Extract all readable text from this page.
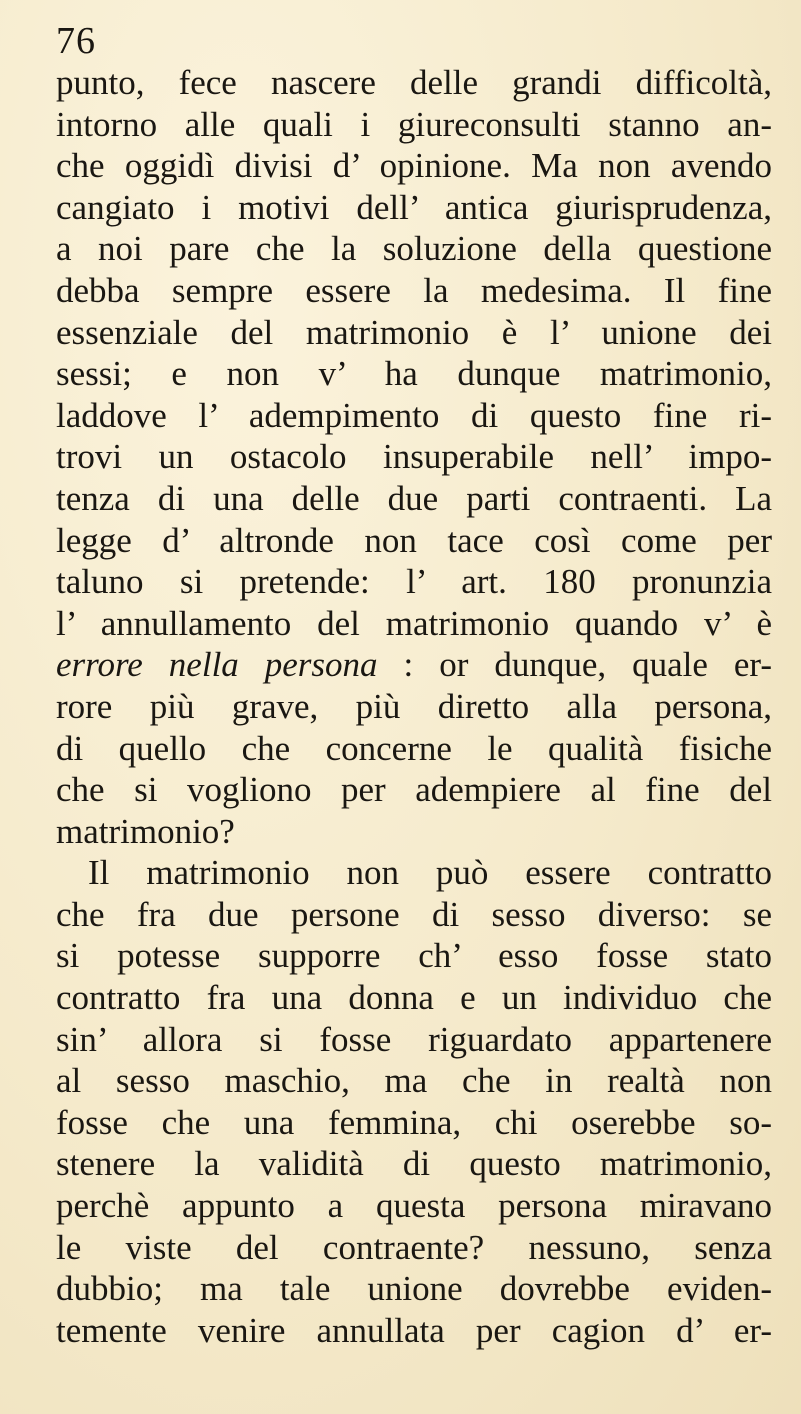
76
punto, fece nascere delle grandi difficoltà,
intorno alle quali i giureconsulti stanno an-
che oggidì divisi d’ opinione. Ma non avendo
cangiato i motivi dell’ antica giurisprudenza,
a noi pare che la soluzione della questione
debba sempre essere la medesima. Il fine
essenziale del matrimonio è l’ unione dei
sessi; e non v’ ha dunque matrimonio,
laddove l’ adempimento di questo fine ri-
trovi un ostacolo insuperabile nell’ impo-
tenza di una delle due parti contraenti. La
legge d’ altronde non tace così come per
taluno si pretende: l’ art. 180 pronunzia
l’ annullamento del matrimonio quando v’ è
errore nella persona : or dunque, quale er-
rore più grave, più diretto alla persona,
di quello che concerne le qualità fisiche
che si vogliono per adempiere al fine del
matrimonio?
Il matrimonio non può essere contratto
che fra due persone di sesso diverso: se
si potesse supporre ch’ esso fosse stato
contratto fra una donna e un individuo che
sin’ allora si fosse riguardato appartenere
al sesso maschio, ma che in realtà non
fosse che una femmina, chi oserebbe so-
stenere la validità di questo matrimonio,
perchè appunto a questa persona miravano
le viste del contraente? nessuno, senza
dubbio; ma tale unione dovrebbe eviden-
temente venire annullata per cagion d’ er-
